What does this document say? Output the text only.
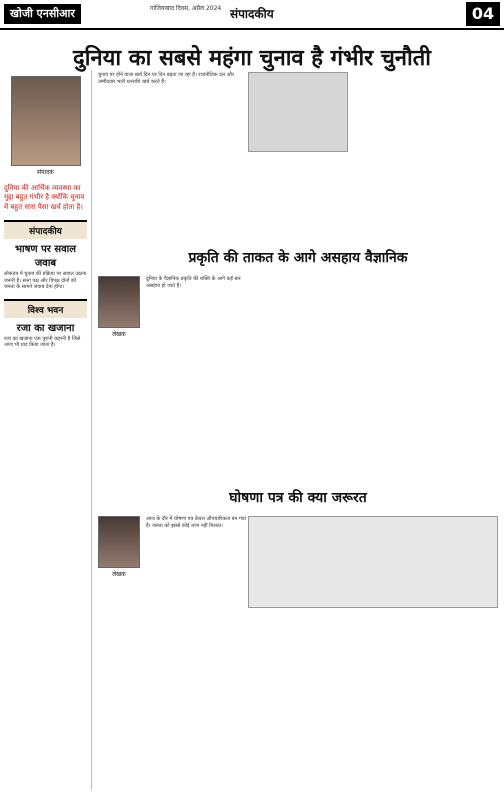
खोजी एनसीआर	गाजियाबाद दिवस, अप्रैल 2024 संपादकीय	04
दुनिया का सबसे महंगा चुनाव है गंभीर चुनौती
संपादक
दुनिया की आर्थिक व्यवस्था का मुद्दा बहुत गंभीर है क्योंकि चुनाव में बहुत सारा पैसा खर्च होता है।
संपादकीय
भाषण पर सवाल जवाब
लोकतंत्र में चुनाव की प्रक्रिया पर सवाल उठाना जरूरी है। सत्ता पक्ष और विपक्ष दोनों को जनता के सामने जवाब देना होगा।
विश्व भवन
रजा का खजाना
रजा का खजाना एक पुरानी कहानी है जिसे आज भी याद किया जाता है।
चुनाव पर होने वाला खर्च दिन पर दिन बढ़ता जा रहा है। राजनीतिक दल और उम्मीदवार भारी धनराशि खर्च करते हैं।
प्रकृति की ताकत के आगे असहाय वैज्ञानिक
लेखक
दुनिया के वैज्ञानिक प्रकृति की शक्ति के आगे कई बार असहाय हो जाते हैं।
घोषणा पत्र की क्या जरूरत
लेखक
आज के दौर में घोषणा पत्र केवल औपचारिकता बन गया है। जनता को इससे कोई लाभ नहीं मिलता।
